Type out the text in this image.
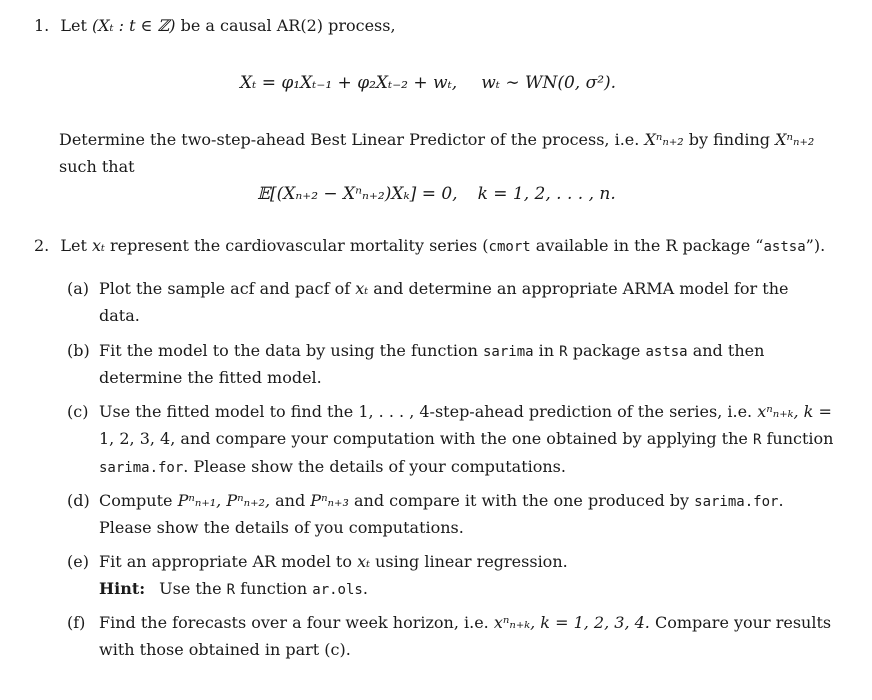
1. Let (Xₜ : t ∈ ℤ) be a causal AR(2) process,
Xₜ = φ₁Xₜ₋₁ + φ₂Xₜ₋₂ + wₜ, wₜ ∼ WN(0, σ²).
Determine the two-step-ahead Best Linear Predictor of the process, i.e. Xⁿₙ₊₂ by finding Xⁿₙ₊₂
such that
𝔼[(Xₙ₊₂ − Xⁿₙ₊₂)Xₖ] = 0, k = 1, 2, . . . , n.
2. Let xₜ represent the cardiovascular mortality series (cmort available in the R package “astsa”).
(a) Plot the sample acf and pacf of xₜ and determine an appropriate ARMA model for the
data.
(b) Fit the model to the data by using the function sarima in R package astsa and then
determine the fitted model.
(c) Use the fitted model to find the 1, . . . , 4-step-ahead prediction of the series, i.e. xⁿₙ₊ₖ, k =
1, 2, 3, 4, and compare your computation with the one obtained by applying the R function
sarima.for. Please show the details of your computations.
(d) Compute Pⁿₙ₊₁, Pⁿₙ₊₂, and Pⁿₙ₊₃ and compare it with the one produced by sarima.for.
Please show the details of you computations.
(e) Fit an appropriate AR model to xₜ using linear regression.
Hint: Use the R function ar.ols.
(f) Find the forecasts over a four week horizon, i.e. xⁿₙ₊ₖ, k = 1, 2, 3, 4. Compare your results
with those obtained in part (c).
